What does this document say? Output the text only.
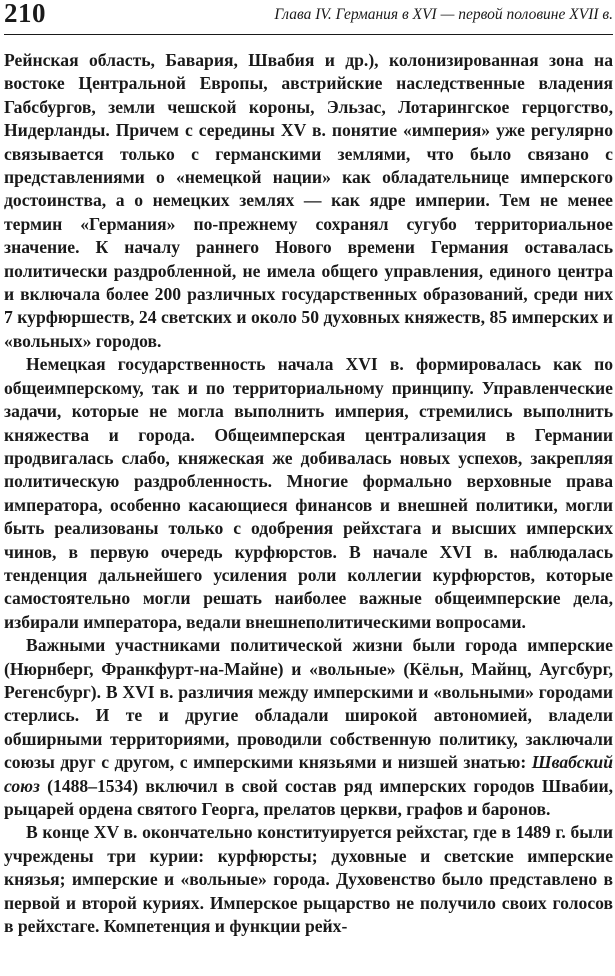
210	Глава IV. Германия в XVI — первой половине XVII в.

Рейнская область, Бавария, Швабия и др.), колонизированная зона на востоке Центральной Европы, австрийские наследственные владения Габсбургов, земли чешской короны, Эльзас, Лотарингское герцогство, Нидерланды. Причем с середины XV в. понятие «империя» уже регулярно связывается только с германскими землями, что было связано с представлениями о «немецкой нации» как обладательнице имперского достоинства, а о немецких землях — как ядре империи. Тем не менее термин «Германия» по-прежнему сохранял сугубо территориальное значение. К началу раннего Нового времени Германия оставалась политически раздробленной, не имела общего управления, единого центра и включала более 200 различных государственных образований, среди них 7 курфюршеств, 24 светских и около 50 духовных княжеств, 85 имперских и «вольных» городов.

Немецкая государственность начала XVI в. формировалась как по общеимперскому, так и по территориальному принципу. Управленческие задачи, которые не могла выполнить империя, стремились выполнить княжества и города. Общеимперская централизация в Германии продвигалась слабо, княжеская же добивалась новых успехов, закрепляя политическую раздробленность. Многие формально верховные права императора, особенно касающиеся финансов и внешней политики, могли быть реализованы только с одобрения рейхстага и высших имперских чинов, в первую очередь курфюрстов. В начале XVI в. наблюдалась тенденция дальнейшего усиления роли коллегии курфюрстов, которые самостоятельно могли решать наиболее важные общеимперские дела, избирали императора, ведали внешнеполитическими вопросами.

Важными участниками политической жизни были города имперские (Нюрнберг, Франкфурт-на-Майне) и «вольные» (Кёльн, Майнц, Аугсбург, Регенсбург). В XVI в. различия между имперскими и «вольными» городами стерлись. И те и другие обладали широкой автономией, владели обширными территориями, проводили собственную политику, заключали союзы друг с другом, с имперскими князьями и низшей знатью: Швабский союз (1488–1534) включил в свой состав ряд имперских городов Швабии, рыцарей ордена святого Георга, прелатов церкви, графов и баронов.

В конце XV в. окончательно конституируется рейхстаг, где в 1489 г. были учреждены три курии: курфюрсты; духовные и светские имперские князья; имперские и «вольные» города. Духовенство было представлено в первой и второй куриях. Имперское рыцарство не получило своих голосов в рейхстаге. Компетенция и функции рейх-
